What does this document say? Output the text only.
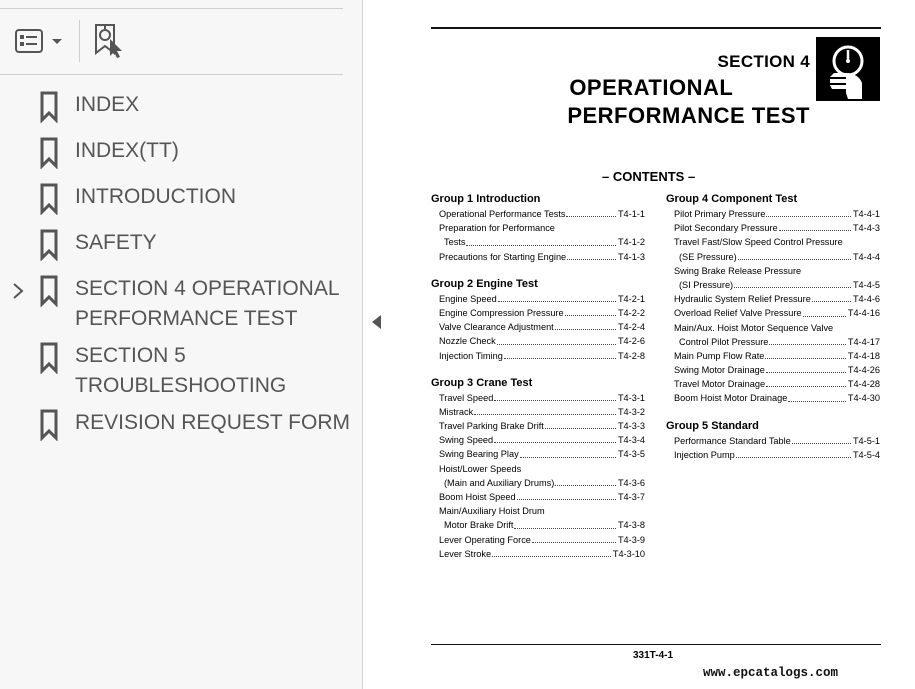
INDEX
INDEX(TT)
INTRODUCTION
SAFETY
SECTION 4 OPERATIONAL
PERFORMANCE TEST
SECTION 5
TROUBLESHOOTING
REVISION REQUEST FORM
SECTION 4
OPERATIONAL
PERFORMANCE TEST
– CONTENTS –
Group 1 Introduction
Operational Performance Tests	T4-1-1
Preparation for Performance
Tests	T4-1-2
Precautions for Starting Engine	T4-1-3
Group 2 Engine Test
Engine Speed	T4-2-1
Engine Compression Pressure	T4-2-2
Valve Clearance Adjustment	T4-2-4
Nozzle Check	T4-2-6
Injection Timing	T4-2-8
Group 3 Crane Test
Travel Speed	T4-3-1
Mistrack	T4-3-2
Travel Parking Brake Drift	T4-3-3
Swing Speed	T4-3-4
Swing Bearing Play	T4-3-5
Hoist/Lower Speeds
(Main and Auxiliary Drums)	T4-3-6
Boom Hoist Speed	T4-3-7
Main/Auxiliary Hoist Drum
Motor Brake Drift	T4-3-8
Lever Operating Force	T4-3-9
Lever Stroke	T4-3-10
Group 4 Component Test
Pilot Primary Pressure	T4-4-1
Pilot Secondary Pressure	T4-4-3
Travel Fast/Slow Speed Control Pressure
(SE Pressure)	T4-4-4
Swing Brake Release Pressure
(SI Pressure)	T4-4-5
Hydraulic System Relief Pressure	T4-4-6
Overload Relief Valve Pressure	T4-4-16
Main/Aux. Hoist Motor Sequence Valve
Control Pilot Pressure	T4-4-17
Main Pump Flow Rate	T4-4-18
Swing Motor Drainage	T4-4-26
Travel Motor Drainage	T4-4-28
Boom Hoist Motor Drainage	T4-4-30
Group 5 Standard
Performance Standard Table	T4-5-1
Injection Pump	T4-5-4
331T-4-1
www.epcatalogs.com
